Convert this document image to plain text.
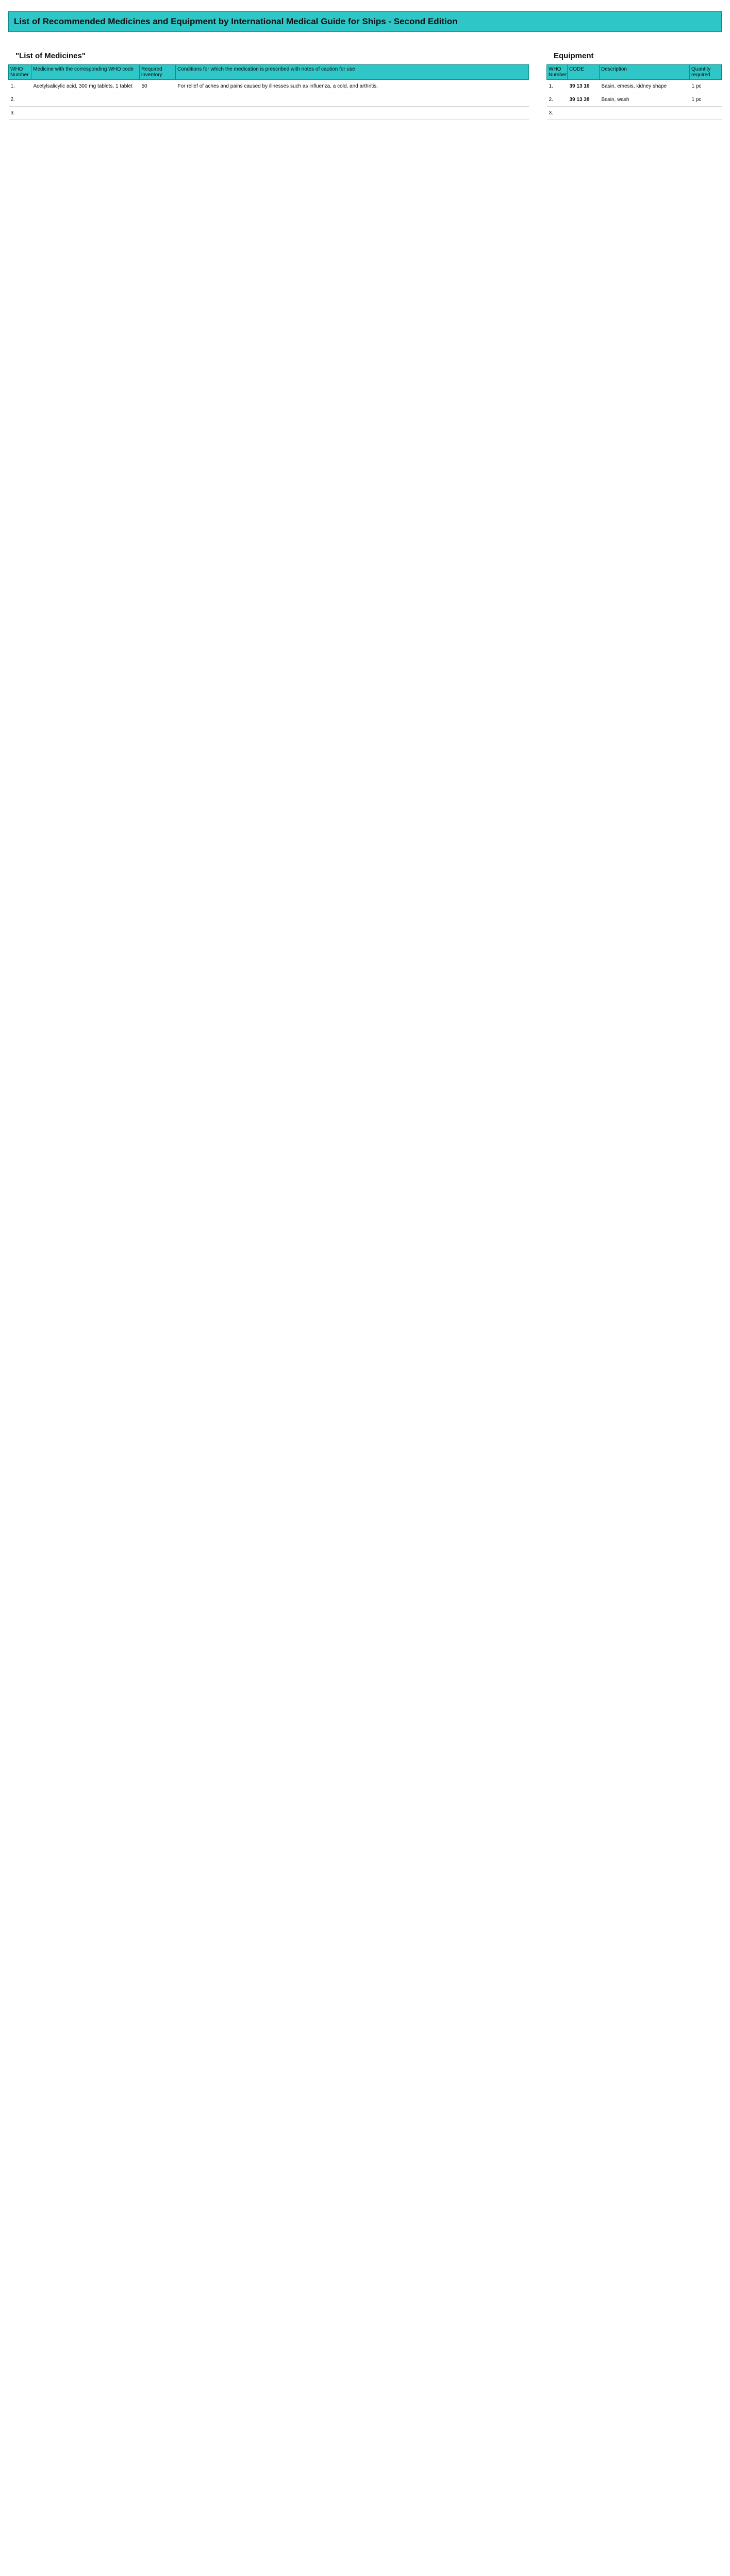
List of Recommended Medicines and Equipment by International Medical Guide for Ships - Second Edition
"List of Medicines"
WHO Number	Medicine with the corresponding WHO code	Required inventory	Conditions for which the medication is prescribed with notes of caution for use
1.	Acetylsalicylic acid, 300 mg tablets, 1 tablet	50	For relief of aches and pains caused by illnesses such as influenza, a cold, and arthritis.
2.			
3.			
Equipment
WHO Number	CODE	Description	Quantity required
1.	39 13 16	Basin, emesis, kidney shape	1 pc
2.	39 13 38	Basin, wash	1 pc
3.			
